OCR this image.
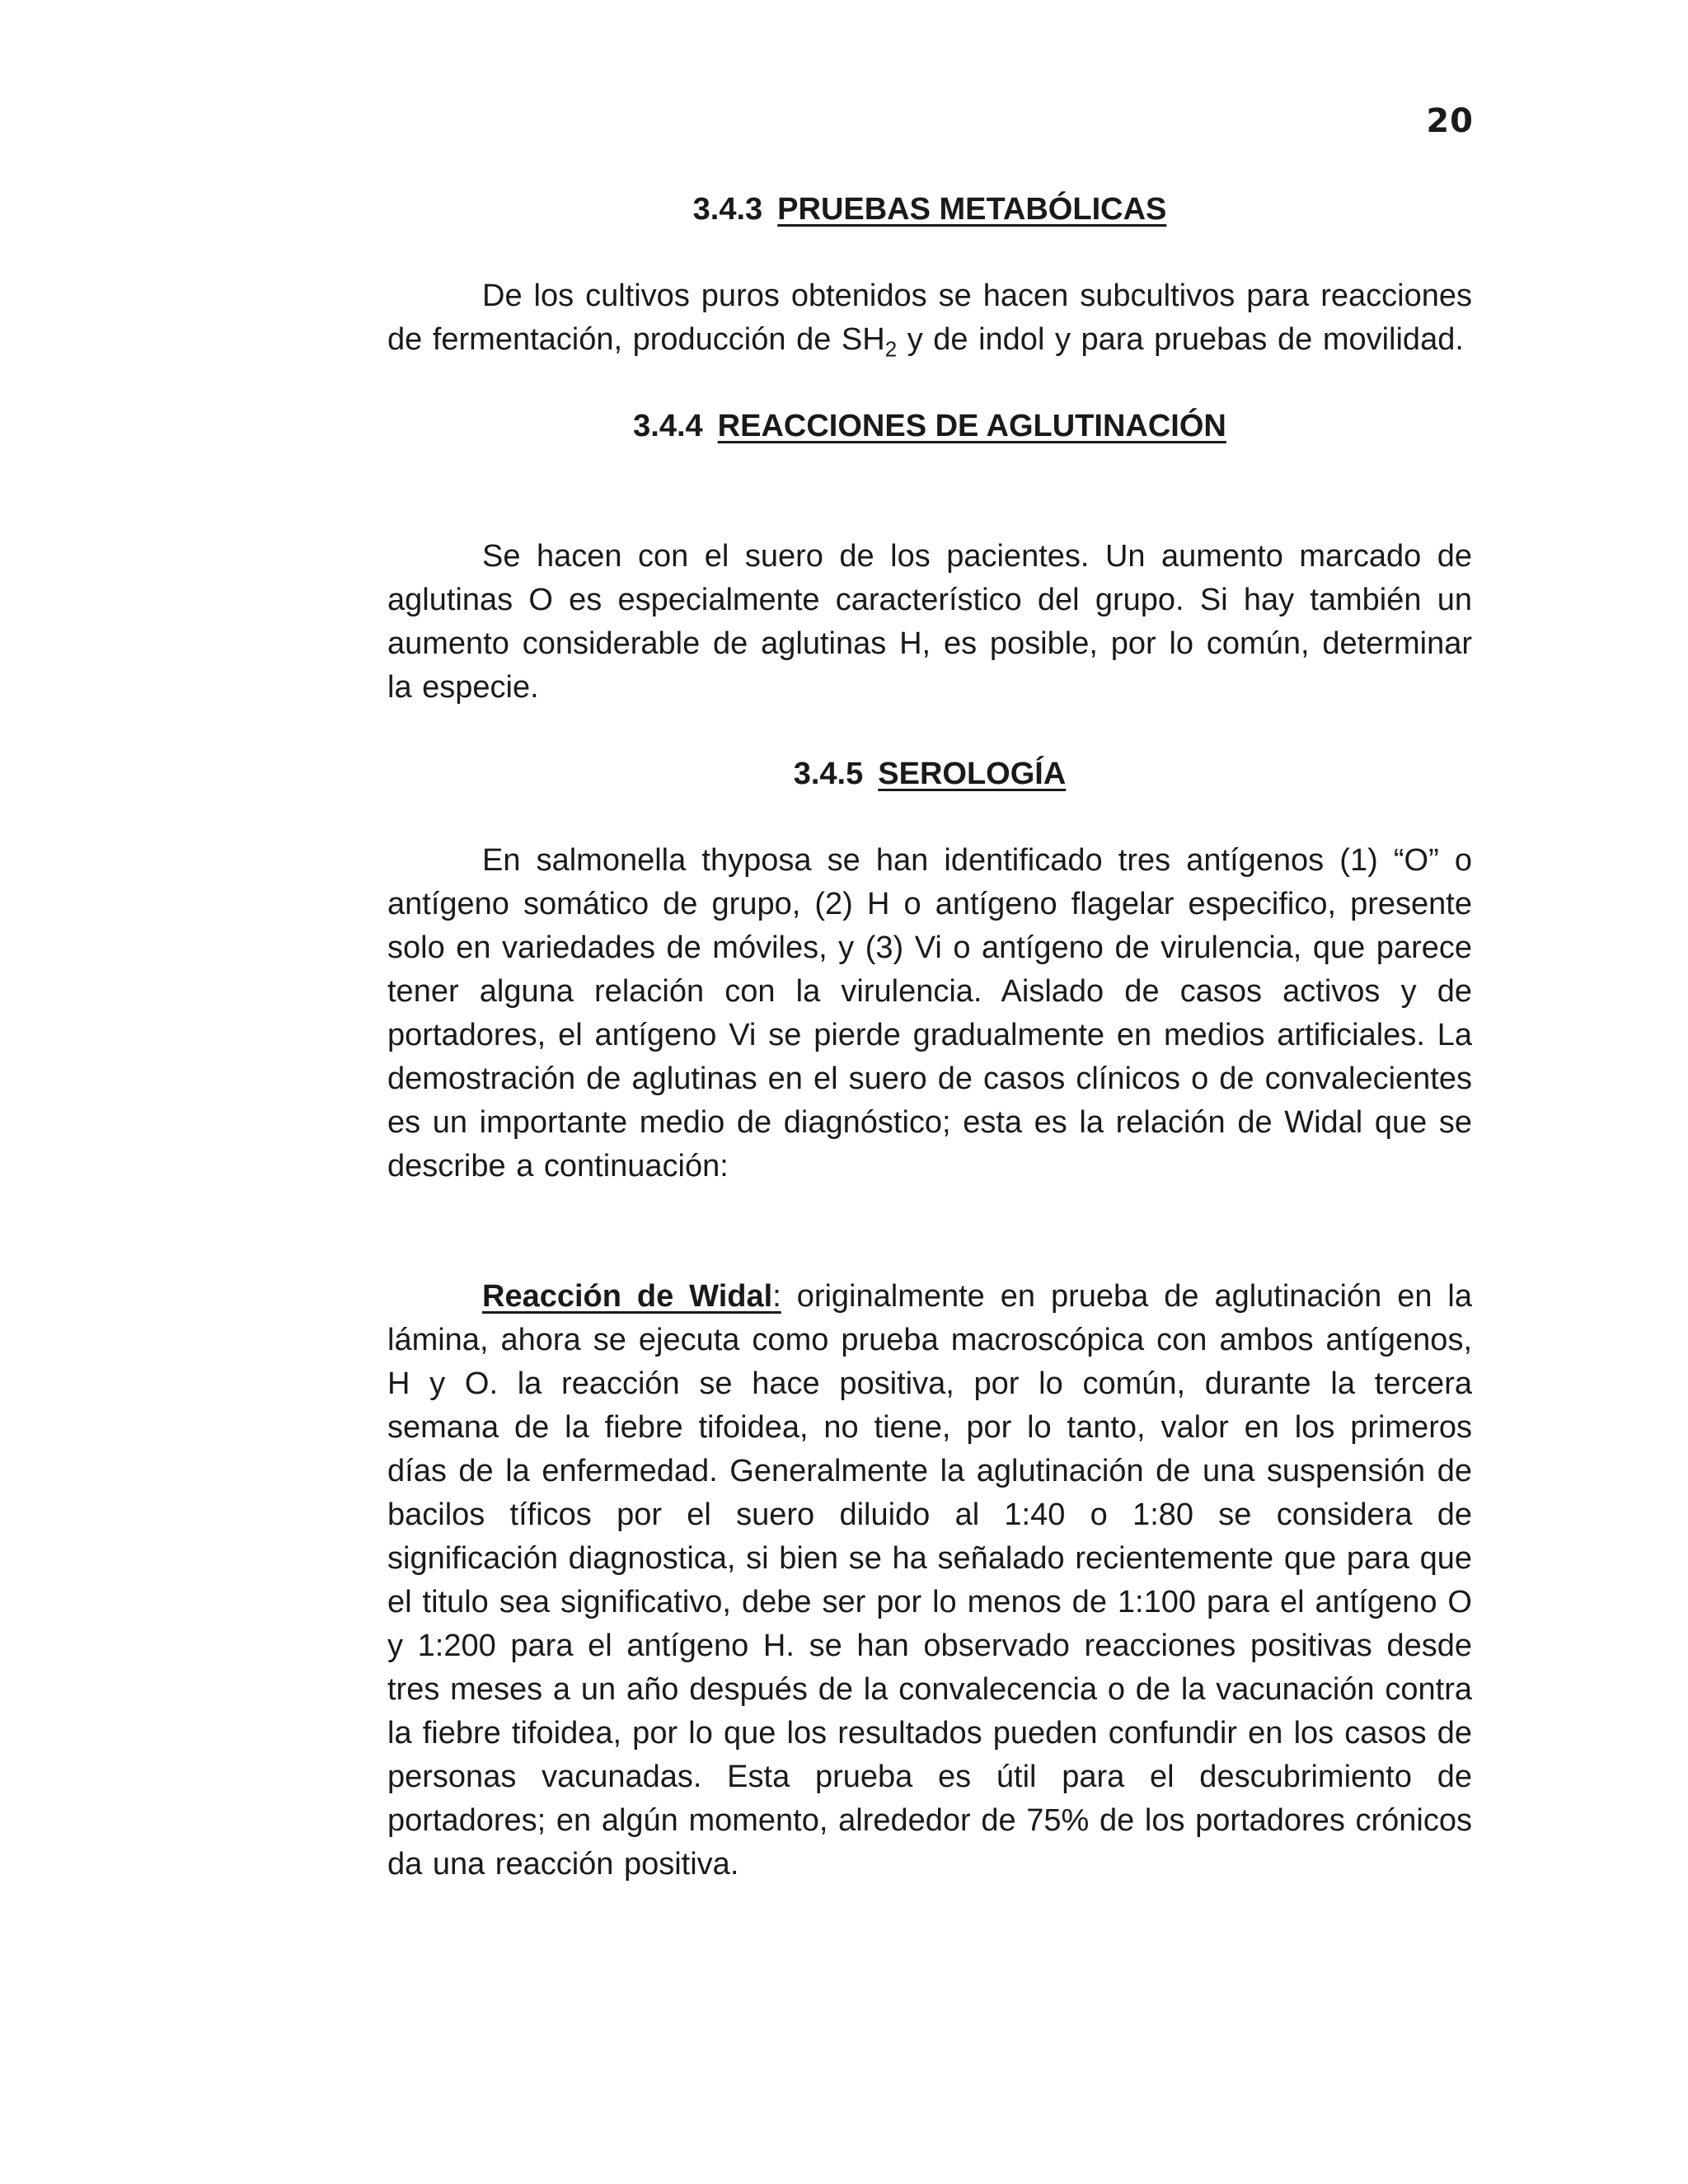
20
3.4.3 PRUEBAS METABÓLICAS

De los cultivos puros obtenidos se hacen subcultivos para reacciones de fermentación, producción de $SH_2$ y de indol y para pruebas de movilidad.

3.4.4 REACCIONES DE AGLUTINACIÓN

Se hacen con el suero de los pacientes. Un aumento marcado de aglutinas O es especialmente característico del grupo. Si hay también un aumento considerable de aglutinas H, es posible, por lo común, determinar la especie.

3.4.5 SEROLOGÍA

En salmonella thyposa se han identificado tres antígenos (1) “O” o antígeno somático de grupo, (2) H o antígeno flagelar especifico, presente solo en variedades de móviles, y (3) Vi o antígeno de virulencia, que parece tener alguna relación con la virulencia. Aislado de casos activos y de portadores, el antígeno Vi se pierde gradualmente en medios artificiales. La demostración de aglutinas en el suero de casos clínicos o de convalecientes es un importante medio de diagnóstico; esta es la relación de Widal que se describe a continuación:

Reacción de Widal: originalmente en prueba de aglutinación en la lámina, ahora se ejecuta como prueba macroscópica con ambos antígenos, H y O. la reacción se hace positiva, por lo común, durante la tercera semana de la fiebre tifoidea, no tiene, por lo tanto, valor en los primeros días de la enfermedad. Generalmente la aglutinación de una suspensión de bacilos tíficos por el suero diluido al 1:40 o 1:80 se considera de significación diagnostica, si bien se ha señalado recientemente que para que el titulo sea significativo, debe ser por lo menos de 1:100 para el antígeno O y 1:200 para el antígeno H. se han observado reacciones positivas desde tres meses a un año después de la convalecencia o de la vacunación contra la fiebre tifoidea, por lo que los resultados pueden confundir en los casos de personas vacunadas. Esta prueba es útil para el descubrimiento de portadores; en algún momento, alrededor de 75% de los portadores crónicos da una reacción positiva.
